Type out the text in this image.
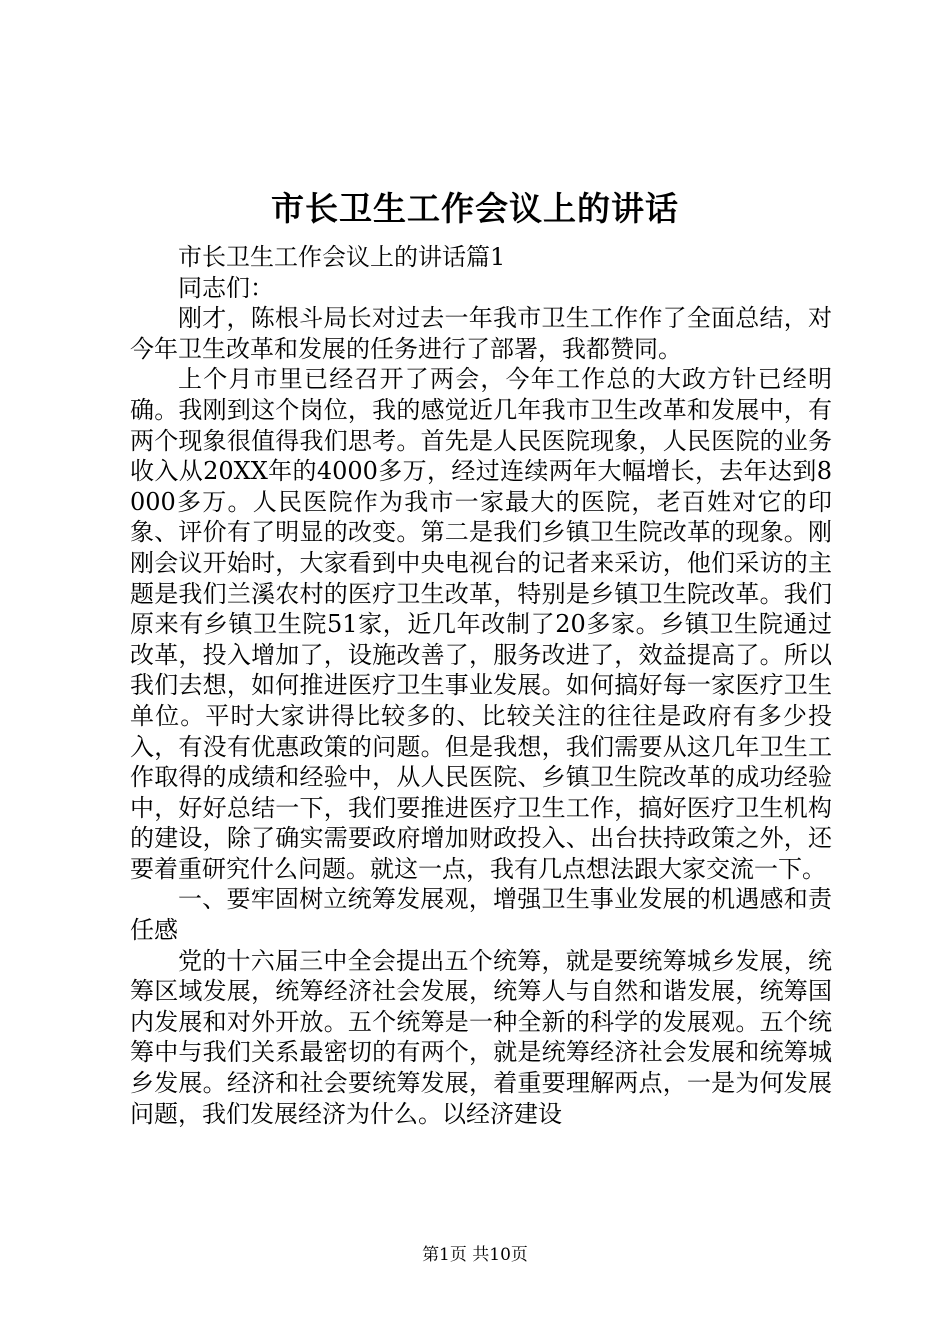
市长卫生工作会议上的讲话

市长卫生工作会议上的讲话篇1

同志们：

刚才，陈根斗局长对过去一年我市卫生工作作了全面总结，对今年卫生改革和发展的任务进行了部署，我都赞同。

上个月市里已经召开了两会，今年工作总的大政方针已经明确。我刚到这个岗位，我的感觉近几年我市卫生改革和发展中，有两个现象很值得我们思考。首先是人民医院现象，人民医院的业务收入从20XX年的4000多万，经过连续两年大幅增长，去年达到8000多万。人民医院作为我市一家最大的医院，老百姓对它的印象、评价有了明显的改变。第二是我们乡镇卫生院改革的现象。刚刚会议开始时，大家看到中央电视台的记者来采访，他们采访的主题是我们兰溪农村的医疗卫生改革，特别是乡镇卫生院改革。我们原来有乡镇卫生院51家，近几年改制了20多家。乡镇卫生院通过改革，投入增加了，设施改善了，服务改进了，效益提高了。所以我们去想，如何推进医疗卫生事业发展。如何搞好每一家医疗卫生单位。平时大家讲得比较多的、比较关注的往往是政府有多少投入，有没有优惠政策的问题。但是我想，我们需要从这几年卫生工作取得的成绩和经验中，从人民医院、乡镇卫生院改革的成功经验中，好好总结一下，我们要推进医疗卫生工作，搞好医疗卫生机构的建设，除了确实需要政府增加财政投入、出台扶持政策之外，还要着重研究什么问题。就这一点，我有几点想法跟大家交流一下。

一、要牢固树立统筹发展观，增强卫生事业发展的机遇感和责任感

党的十六届三中全会提出五个统筹，就是要统筹城乡发展，统筹区域发展，统筹经济社会发展，统筹人与自然和谐发展，统筹国内发展和对外开放。五个统筹是一种全新的科学的发展观。五个统筹中与我们关系最密切的有两个，就是统筹经济社会发展和统筹城乡发展。经济和社会要统筹发展，着重要理解两点，一是为何发展问题，我们发展经济为什么。以经济建设

第1页 共10页
